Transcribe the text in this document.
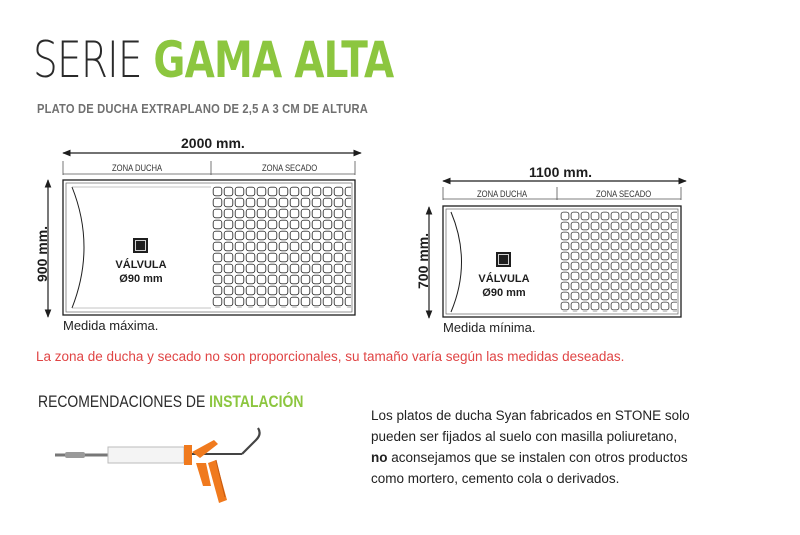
SERIE GAMA ALTA
PLATO DE DUCHA EXTRAPLANO DE 2,5 A 3 CM DE ALTURA
2000 mm.
900 mm.
ZONA DUCHA	ZONA SECADO
VÁLVULA
Ø90 mm
Medida máxima.
1100 mm.
700 mm.
ZONA DUCHA	ZONA SECADO
VÁLVULA
Ø90 mm
Medida mínima.
La zona de ducha y secado no son proporcionales, su tamaño varía según las medidas deseadas.
RECOMENDACIONES DE INSTALACIÓN
Los platos de ducha Syan fabricados en STONE solo
pueden ser fijados al suelo con masilla poliuretano,
no aconsejamos que se instalen con otros productos
como mortero, cemento cola o derivados.
